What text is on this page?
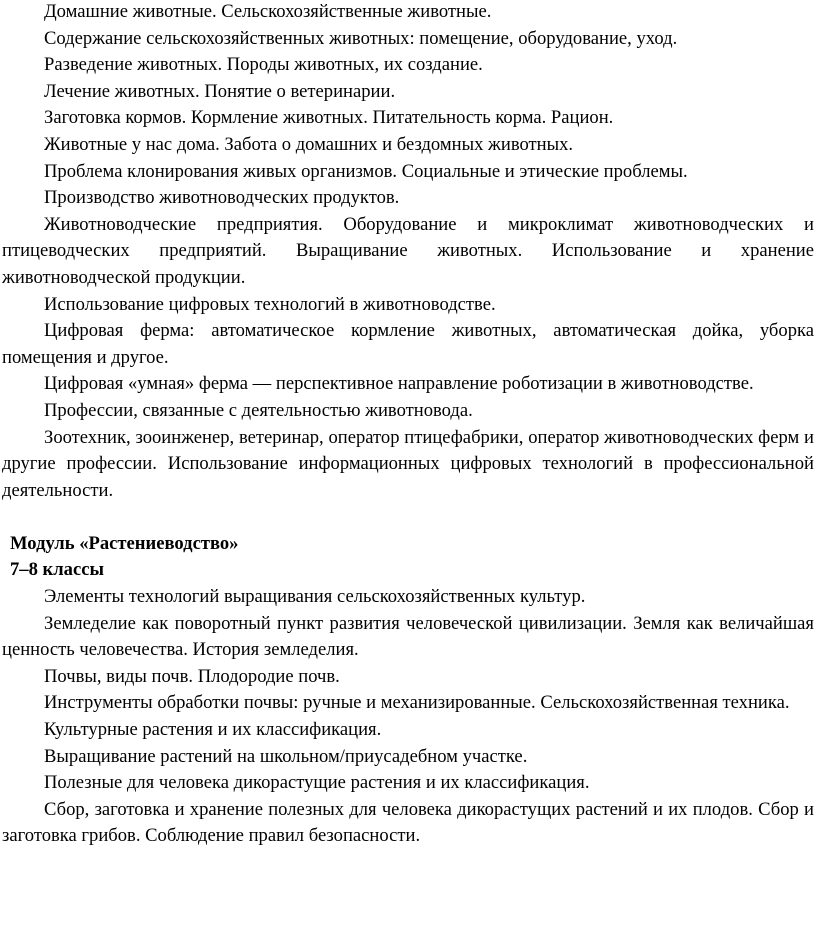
Домашние животные. Сельскохозяйственные животные.

Содержание сельскохозяйственных животных: помещение, оборудование, уход.

Разведение животных. Породы животных, их создание.

Лечение животных. Понятие о ветеринарии.

Заготовка кормов. Кормление животных. Питательность корма. Рацион.

Животные у нас дома. Забота о домашних и бездомных животных.

Проблема клонирования живых организмов. Социальные и этические проблемы.

Производство животноводческих продуктов.

Животноводческие предприятия. Оборудование и микроклимат животноводческих и птицеводческих предприятий. Выращивание животных. Использование и хранение животноводческой продукции.

Использование цифровых технологий в животноводстве.

Цифровая ферма: автоматическое кормление животных, автоматическая дойка, уборка помещения и другое.

Цифровая «умная» ферма — перспективное направление роботизации в животноводстве.

Профессии, связанные с деятельностью животновода.

Зоотехник, зооинженер, ветеринар, оператор птицефабрики, оператор животноводческих ферм и другие профессии. Использование информационных цифровых технологий в профессиональной деятельности.

Модуль «Растениеводство»
7–8 классы

Элементы технологий выращивания сельскохозяйственных культур.

Земледелие как поворотный пункт развития человеческой цивилизации. Земля как величайшая ценность человечества. История земледелия.

Почвы, виды почв. Плодородие почв.

Инструменты обработки почвы: ручные и механизированные. Сельскохозяйственная техника.

Культурные растения и их классификация.

Выращивание растений на школьном/приусадебном участке.

Полезные для человека дикорастущие растения и их классификация.

Сбор, заготовка и хранение полезных для человека дикорастущих растений и их плодов. Сбор и заготовка грибов. Соблюдение правил безопасности.
